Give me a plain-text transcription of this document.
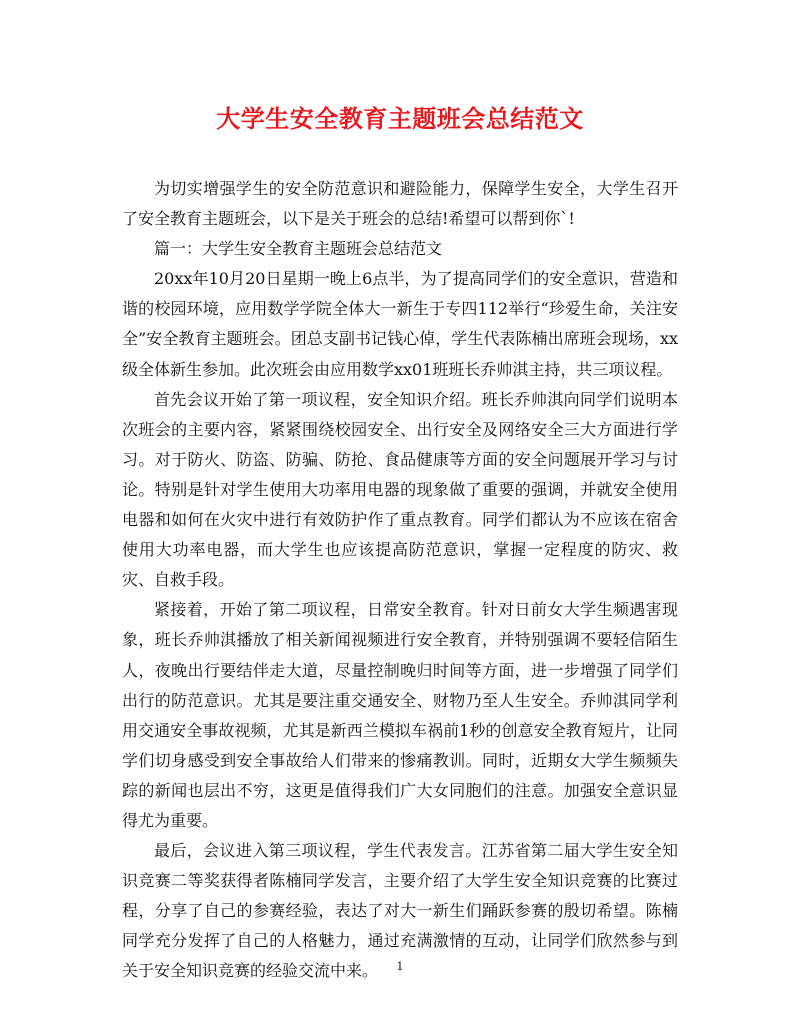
大学生安全教育主题班会总结范文

为切实增强学生的安全防范意识和避险能力，保障学生安全，大学生召开了安全教育主题班会，以下是关于班会的总结!希望可以帮到你`!

篇一：大学生安全教育主题班会总结范文

20xx年10月20日星期一晚上6点半，为了提高同学们的安全意识，营造和谐的校园环境，应用数学学院全体大一新生于专四112举行“珍爱生命，关注安全”安全教育主题班会。团总支副书记钱心倬，学生代表陈楠出席班会现场，xx级全体新生参加。此次班会由应用数学xx01班班长乔帅淇主持，共三项议程。

首先会议开始了第一项议程，安全知识介绍。班长乔帅淇向同学们说明本次班会的主要内容，紧紧围绕校园安全、出行安全及网络安全三大方面进行学习。对于防火、防盗、防骗、防抢、食品健康等方面的安全问题展开学习与讨论。特别是针对学生使用大功率用电器的现象做了重要的强调，并就安全使用电器和如何在火灾中进行有效防护作了重点教育。同学们都认为不应该在宿舍使用大功率电器，而大学生也应该提高防范意识，掌握一定程度的防灾、救灾、自救手段。

紧接着，开始了第二项议程，日常安全教育。针对日前女大学生频遇害现象，班长乔帅淇播放了相关新闻视频进行安全教育，并特别强调不要轻信陌生人，夜晚出行要结伴走大道，尽量控制晚归时间等方面，进一步增强了同学们出行的防范意识。尤其是要注重交通安全、财物乃至人生安全。乔帅淇同学利用交通安全事故视频，尤其是新西兰模拟车祸前1秒的创意安全教育短片，让同学们切身感受到安全事故给人们带来的惨痛教训。同时，近期女大学生频频失踪的新闻也层出不穷，这更是值得我们广大女同胞们的注意。加强安全意识显得尤为重要。

最后，会议进入第三项议程，学生代表发言。江苏省第二届大学生安全知识竞赛二等奖获得者陈楠同学发言，主要介绍了大学生安全知识竞赛的比赛过程，分享了自己的参赛经验，表达了对大一新生们踊跃参赛的殷切希望。陈楠同学充分发挥了自己的人格魅力，通过充满激情的互动，让同学们欣然参与到关于安全知识竞赛的经验交流中来。	1
